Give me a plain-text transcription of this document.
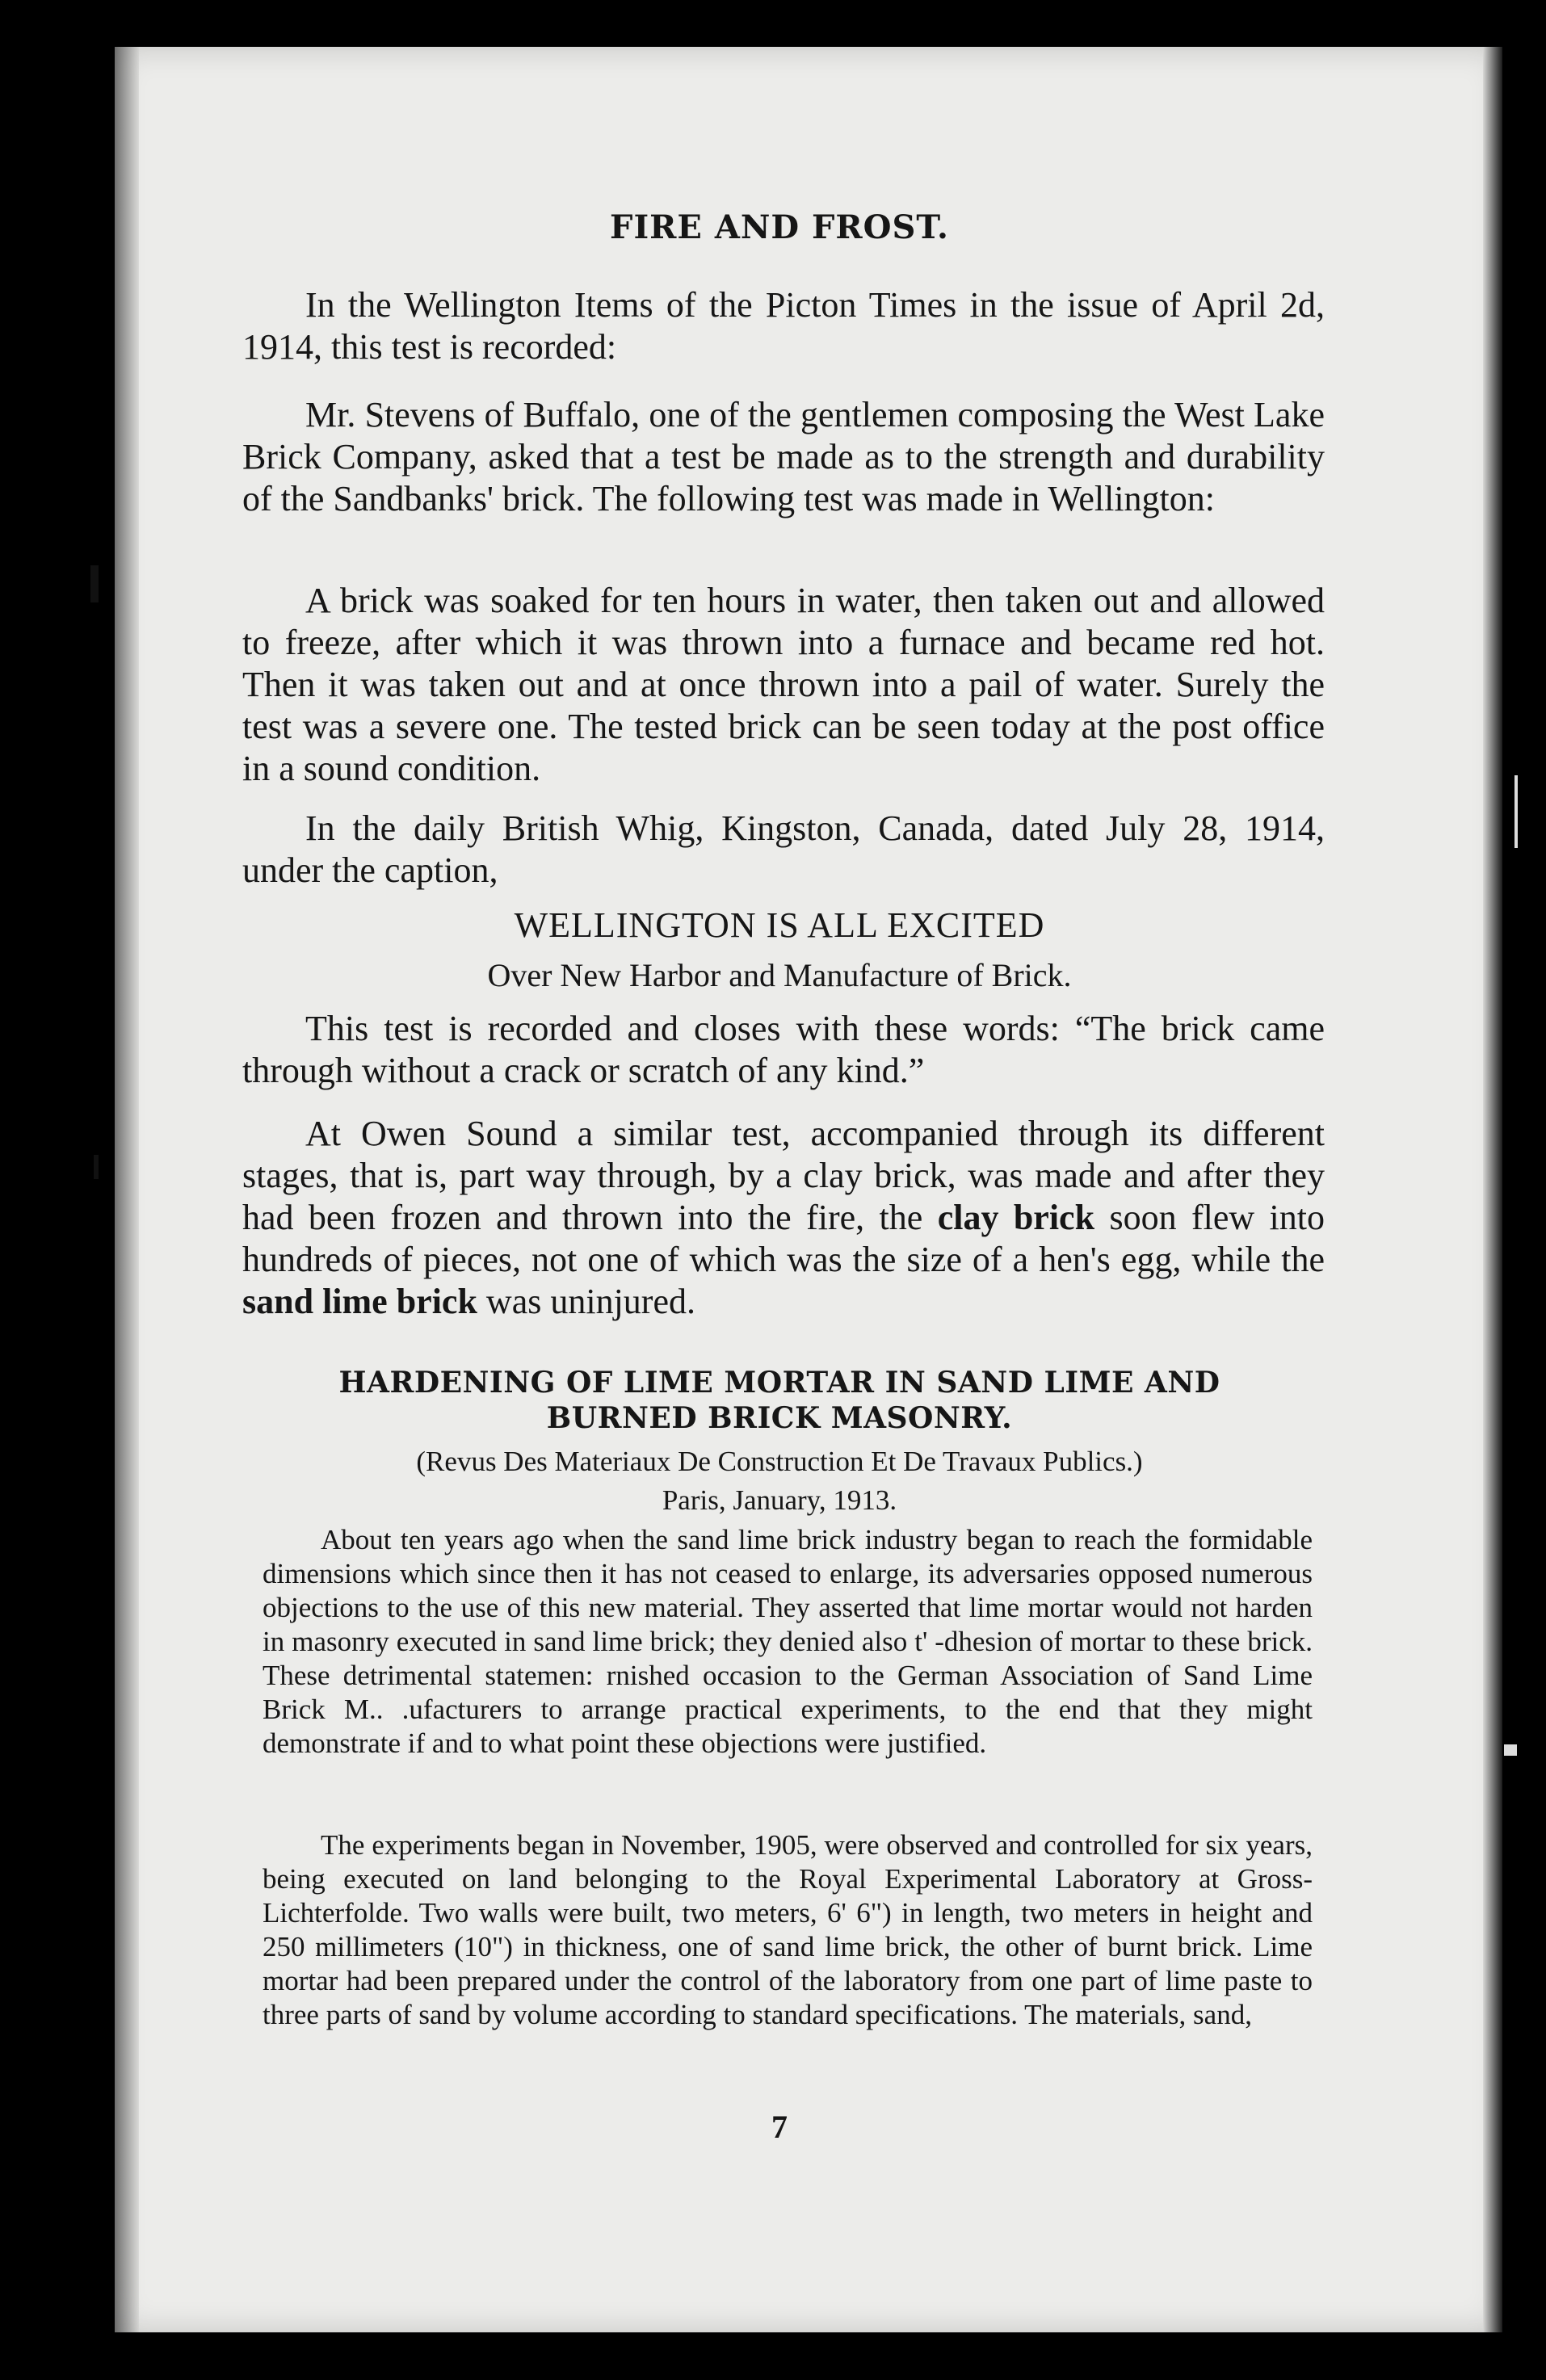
FIRE AND FROST.

In the Wellington Items of the Picton Times in the issue of April 2d, 1914, this test is recorded:

Mr. Stevens of Buffalo, one of the gentlemen composing the West Lake Brick Company, asked that a test be made as to the strength and durability of the Sandbanks' brick. The following test was made in Wellington:

A brick was soaked for ten hours in water, then taken out and allowed to freeze, after which it was thrown into a furnace and became red hot. Then it was taken out and at once thrown into a pail of water. Surely the test was a severe one. The tested brick can be seen today at the post office in a sound condition.

In the daily British Whig, Kingston, Canada, dated July 28, 1914, under the caption,

WELLINGTON IS ALL EXCITED

Over New Harbor and Manufacture of Brick.

This test is recorded and closes with these words: “The brick came through without a crack or scratch of any kind.”

At Owen Sound a similar test, accompanied through its different stages, that is, part way through, by a clay brick, was made and after they had been frozen and thrown into the fire, the clay brick soon flew into hundreds of pieces, not one of which was the size of a hen's egg, while the sand lime brick was uninjured.

HARDENING OF LIME MORTAR IN SAND LIME AND

BURNED BRICK MASONRY.

(Revus Des Materiaux De Construction Et De Travaux Publics.)

Paris, January, 1913.

About ten years ago when the sand lime brick industry began to reach the formidable dimensions which since then it has not ceased to enlarge, its adversaries opposed numerous objections to the use of this new material. They asserted that lime mortar would not harden in masonry executed in sand lime brick; they denied also t' -dhesion of mortar to these brick. These detrimental statemen: rnished occasion to the German Association of Sand Lime Brick M.. .ufacturers to arrange practical experiments, to the end that they might demonstrate if and to what point these objections were justified.

The experiments began in November, 1905, were observed and controlled for six years, being executed on land belonging to the Royal Experimental Laboratory at Gross-Lichterfolde. Two walls were built, two meters, 6' 6") in length, two meters in height and 250 millimeters (10") in thickness, one of sand lime brick, the other of burnt brick. Lime mortar had been prepared under the control of the laboratory from one part of lime paste to three parts of sand by volume according to standard specifications. The materials, sand,

7
